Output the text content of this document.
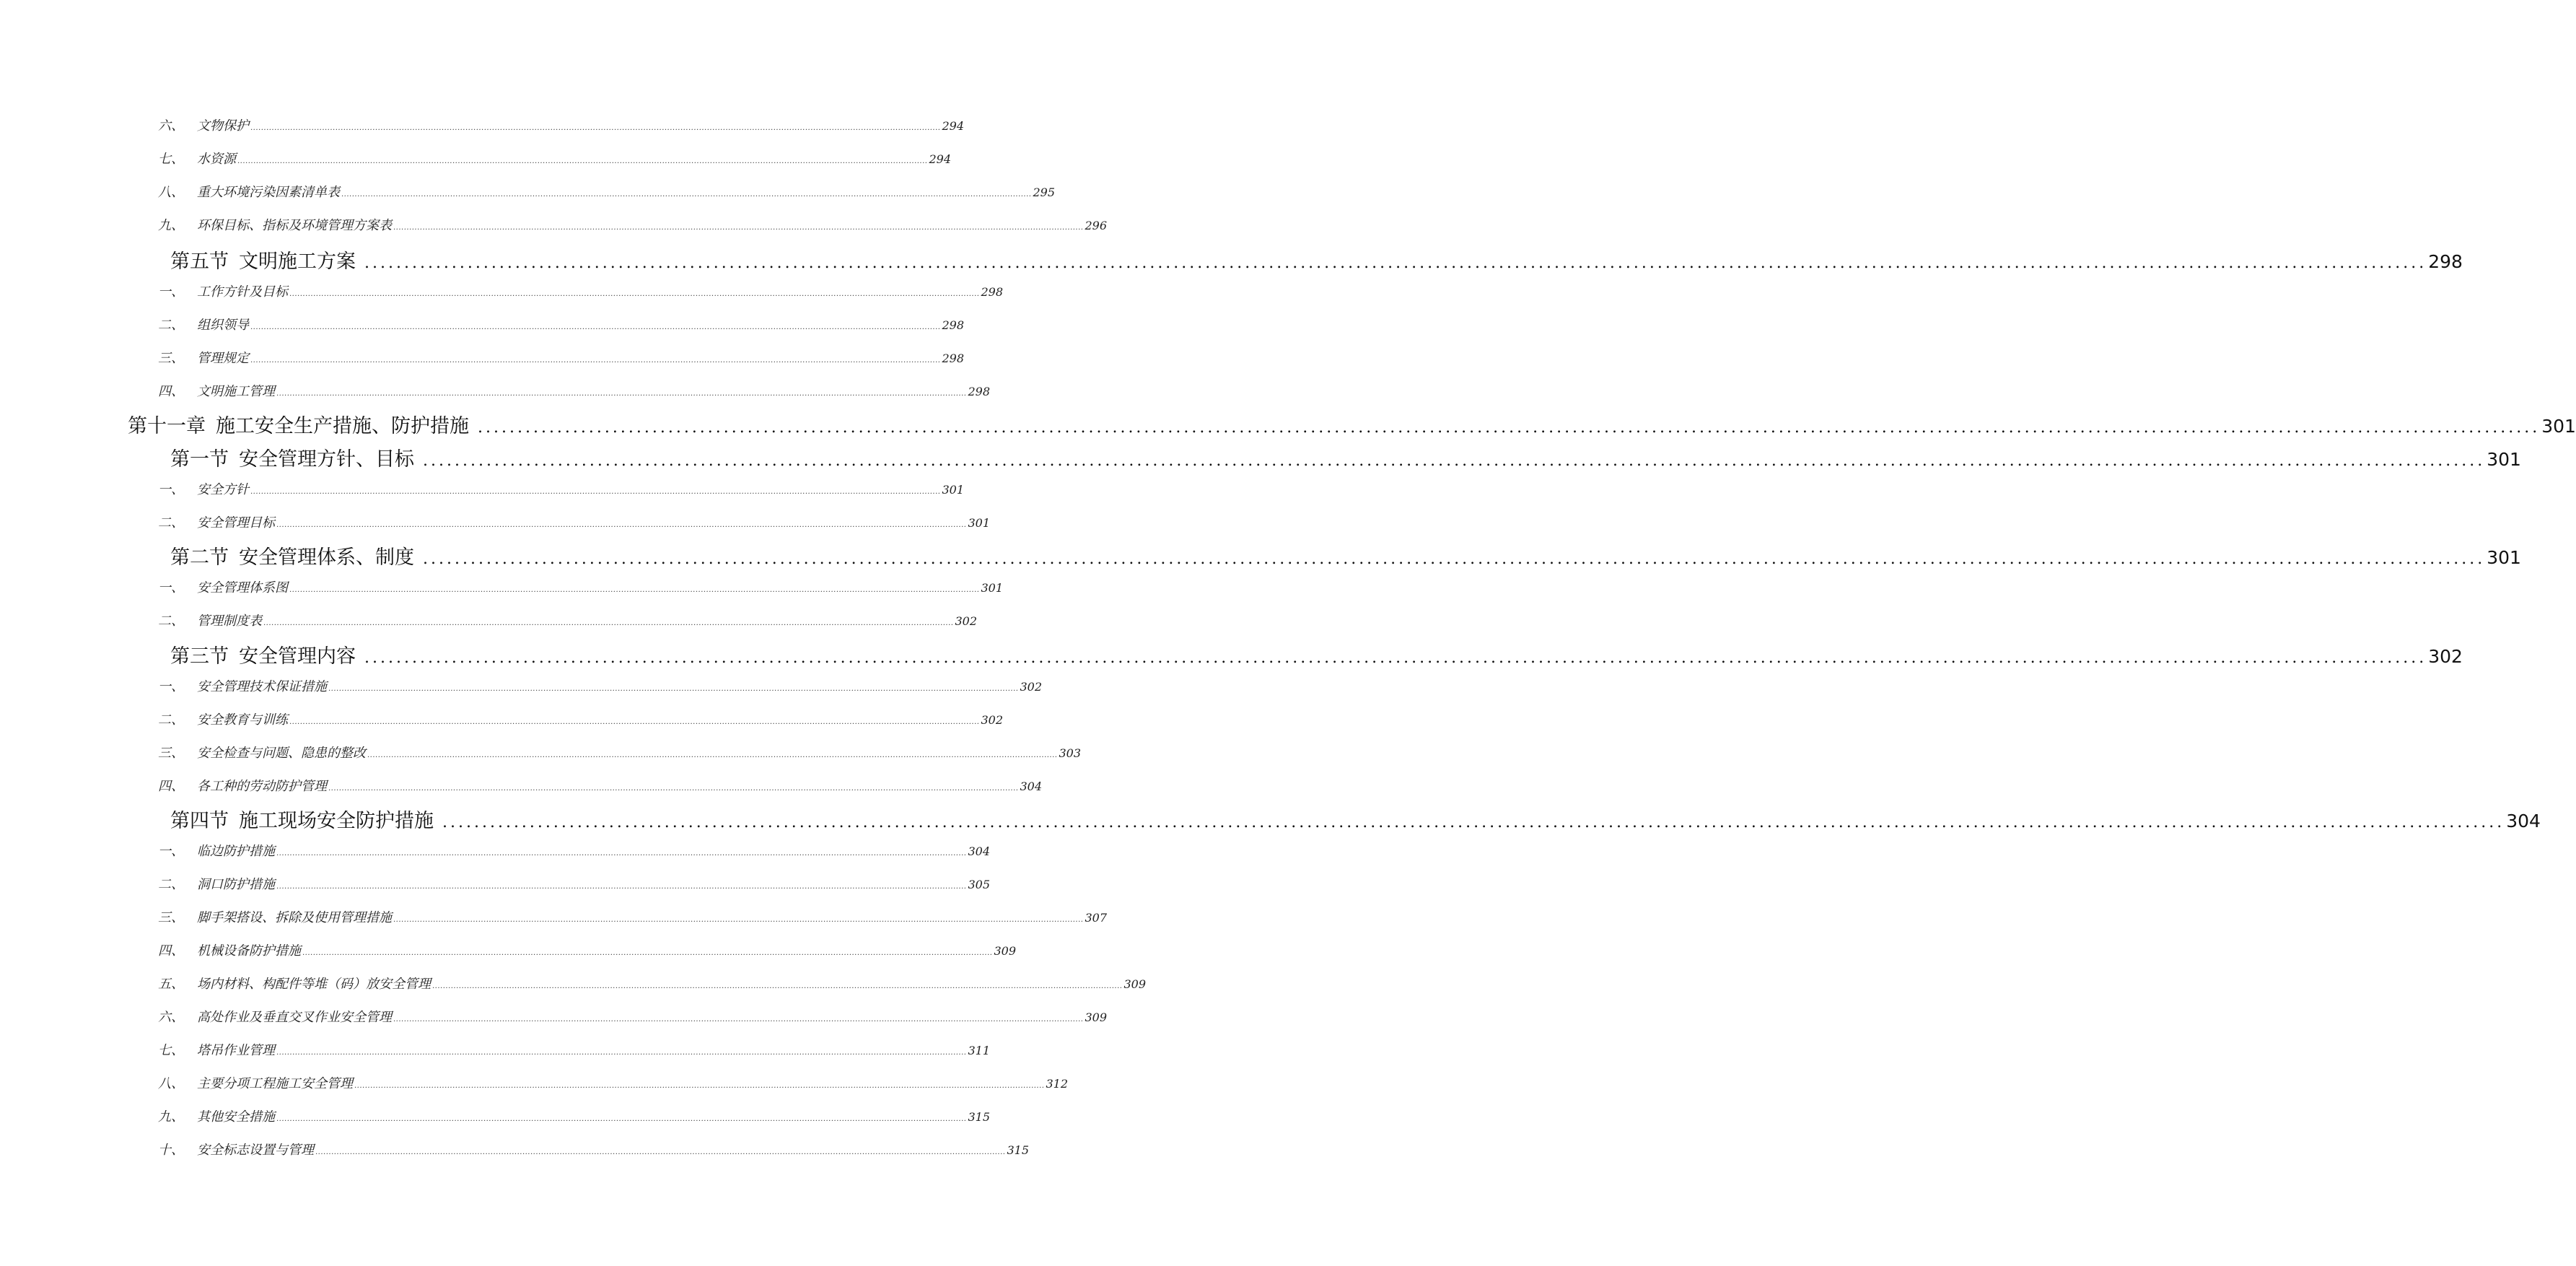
六、	文物保护 .................................................................................................................................................................................................................................................................... 294
七、	水资源 .................................................................................................................................................................................................................................................................... 294
八、	重大环境污染因素清单表 .................................................................................................................................................................................................................................................................... 295
九、	环保目标、指标及环境管理方案表 .................................................................................................................................................................................................................................................................... 296
第五节 文明施工方案 .................................................................................................................................................................................................................................................................... 298
一、	工作方针及目标 .................................................................................................................................................................................................................................................................... 298
二、	组织领导 .................................................................................................................................................................................................................................................................... 298
三、	管理规定 .................................................................................................................................................................................................................................................................... 298
四、	文明施工管理 .................................................................................................................................................................................................................................................................... 298
第十一章 施工安全生产措施、防护措施 .................................................................................................................................................................................................................................................................... 301
第一节 安全管理方针、目标 .................................................................................................................................................................................................................................................................... 301
一、	安全方针 .................................................................................................................................................................................................................................................................... 301
二、	安全管理目标 .................................................................................................................................................................................................................................................................... 301
第二节 安全管理体系、制度 .................................................................................................................................................................................................................................................................... 301
一、	安全管理体系图 .................................................................................................................................................................................................................................................................... 301
二、	管理制度表 .................................................................................................................................................................................................................................................................... 302
第三节 安全管理内容 .................................................................................................................................................................................................................................................................... 302
一、	安全管理技术保证措施 .................................................................................................................................................................................................................................................................... 302
二、	安全教育与训练 .................................................................................................................................................................................................................................................................... 302
三、	安全检查与问题、隐患的整改 .................................................................................................................................................................................................................................................................... 303
四、	各工种的劳动防护管理 .................................................................................................................................................................................................................................................................... 304
第四节 施工现场安全防护措施 .................................................................................................................................................................................................................................................................... 304
一、	临边防护措施 .................................................................................................................................................................................................................................................................... 304
二、	洞口防护措施 .................................................................................................................................................................................................................................................................... 305
三、	脚手架搭设、拆除及使用管理措施 .................................................................................................................................................................................................................................................................... 307
四、	机械设备防护措施 .................................................................................................................................................................................................................................................................... 309
五、	场内材料、构配件等堆（码）放安全管理 .................................................................................................................................................................................................................................................................... 309
六、	高处作业及垂直交叉作业安全管理 .................................................................................................................................................................................................................................................................... 309
七、	塔吊作业管理 .................................................................................................................................................................................................................................................................... 311
八、	主要分项工程施工安全管理 .................................................................................................................................................................................................................................................................... 312
九、	其他安全措施 .................................................................................................................................................................................................................................................................... 315
十、	安全标志设置与管理 .................................................................................................................................................................................................................................................................... 315
